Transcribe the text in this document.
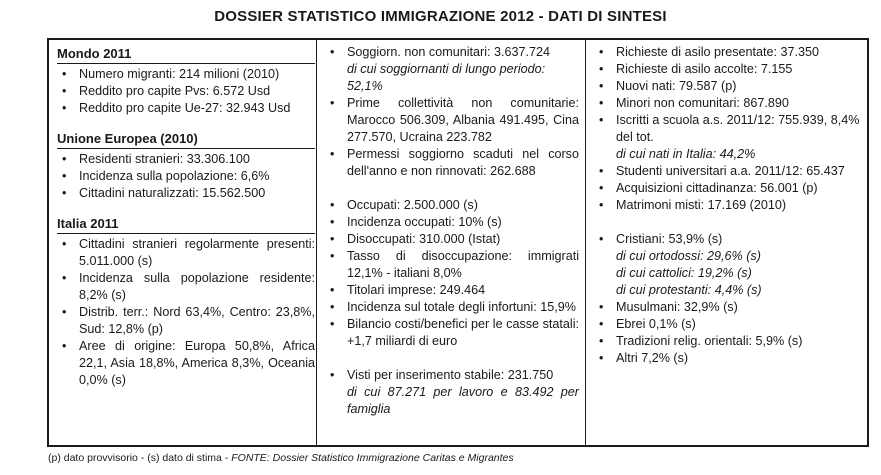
DOSSIER STATISTICO IMMIGRAZIONE 2012 - DATI DI SINTESI
Mondo 2011
• Numero migranti: 214 milioni (2010)
• Reddito pro capite Pvs: 6.572 Usd
• Reddito pro capite Ue-27: 32.943 Usd
Unione Europea (2010)
• Residenti stranieri: 33.306.100
• Incidenza sulla popolazione: 6,6%
• Cittadini naturalizzati: 15.562.500
Italia 2011
• Cittadini stranieri regolarmente presenti: 5.011.000 (s)
• Incidenza sulla popolazione residente: 8,2% (s)
• Distrib. terr.: Nord 63,4%, Centro: 23,8%, Sud: 12,8% (p)
• Aree di origine: Europa 50,8%, Africa 22,1, Asia 18,8%, America 8,3%, Oceania 0,0% (s)
• Soggiorn. non comunitari: 3.637.724
di cui soggiornanti di lungo periodo: 52,1%
• Prime collettività non comunitarie: Marocco 506.309, Albania 491.495, Cina 277.570, Ucraina 223.782
• Permessi soggiorno scaduti nel corso dell'anno e non rinnovati: 262.688
• Occupati: 2.500.000 (s)
• Incidenza occupati: 10% (s)
• Disoccupati: 310.000 (Istat)
• Tasso di disoccupazione: immigrati 12,1% - italiani 8,0%
• Titolari imprese: 249.464
• Incidenza sul totale degli infortuni: 15,9%
• Bilancio costi/benefici per le casse statali: +1,7 miliardi di euro
• Visti per inserimento stabile: 231.750
di cui 87.271 per lavoro e 83.492 per famiglia
• Richieste di asilo presentate: 37.350
• Richieste di asilo accolte: 7.155
• Nuovi nati: 79.587 (p)
• Minori non comunitari: 867.890
• Iscritti a scuola a.s. 2011/12: 755.939, 8,4% del tot.
di cui nati in Italia: 44,2%
• Studenti universitari a.a. 2011/12: 65.437
• Acquisizioni cittadinanza: 56.001 (p)
• Matrimoni misti: 17.169 (2010)
• Cristiani: 53,9% (s)
di cui ortodossi: 29,6% (s)
di cui cattolici: 19,2% (s)
di cui protestanti: 4,4% (s)
• Musulmani: 32,9% (s)
• Ebrei 0,1% (s)
• Tradizioni relig. orientali: 5,9% (s)
• Altri 7,2% (s)
(p) dato provvisorio - (s) dato di stima - FONTE: Dossier Statistico Immigrazione Caritas e Migrantes
